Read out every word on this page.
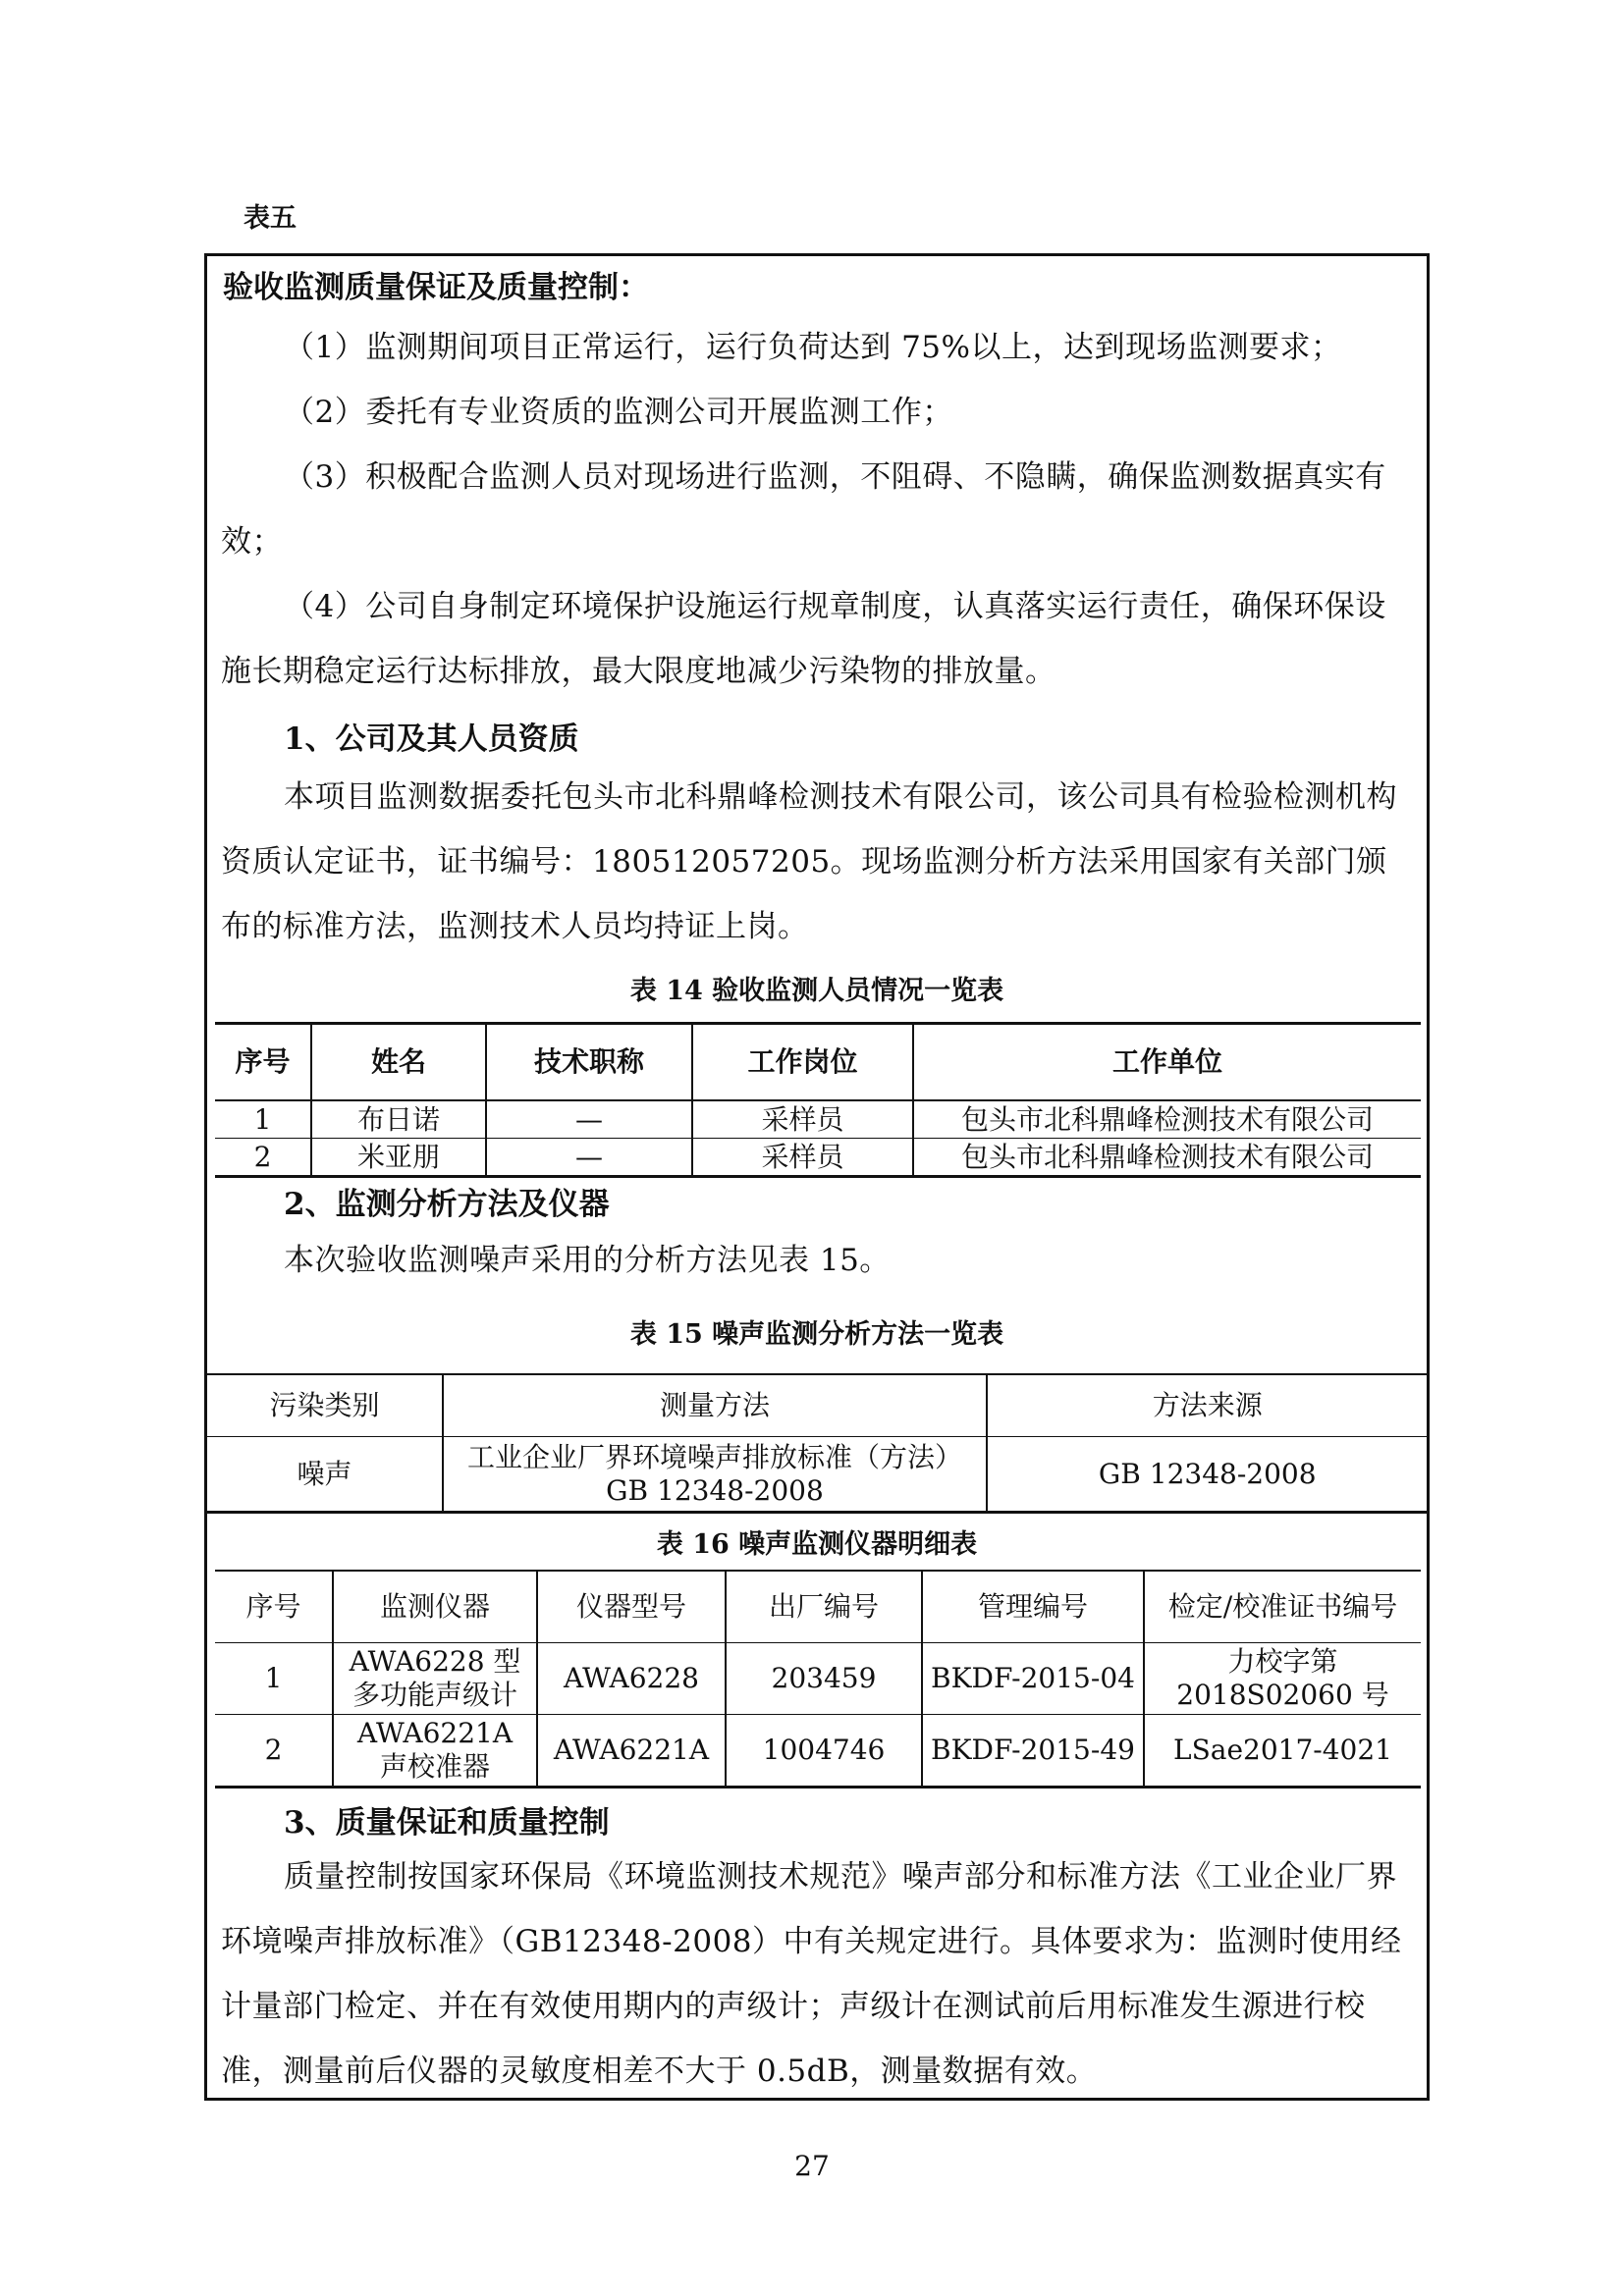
表五
验收监测质量保证及质量控制：
（1）监测期间项目正常运行，运行负荷达到 75%以上，达到现场监测要求；
（2）委托有专业资质的监测公司开展监测工作；
（3）积极配合监测人员对现场进行监测，不阻碍、不隐瞒，确保监测数据真实有效；
（4）公司自身制定环境保护设施运行规章制度，认真落实运行责任，确保环保设施长期稳定运行达标排放，最大限度地减少污染物的排放量。
1、公司及其人员资质
本项目监测数据委托包头市北科鼎峰检测技术有限公司，该公司具有检验检测机构资质认定证书，证书编号：180512057205。现场监测分析方法采用国家有关部门颁布的标准方法，监测技术人员均持证上岗。
表 14 验收监测人员情况一览表
序号	姓名	技术职称	工作岗位	工作单位
1	布日诺	—	采样员	包头市北科鼎峰检测技术有限公司
2	米亚朋	—	采样员	包头市北科鼎峰检测技术有限公司
2、监测分析方法及仪器
本次验收监测噪声采用的分析方法见表 15。
表 15 噪声监测分析方法一览表
污染类别	测量方法	方法来源
噪声	工业企业厂界环境噪声排放标准（方法）GB 12348-2008	GB 12348-2008
表 16 噪声监测仪器明细表
序号	监测仪器	仪器型号	出厂编号	管理编号	检定/校准证书编号
1	AWA6228 型多功能声级计	AWA6228	203459	BKDF-2015-04	力校字第 2018S02060 号
2	AWA6221A 声校准器	AWA6221A	1004746	BKDF-2015-49	LSae2017-4021
3、质量保证和质量控制
质量控制按国家环保局《环境监测技术规范》噪声部分和标准方法《工业企业厂界环境噪声排放标准》（GB12348-2008）中有关规定进行。具体要求为：监测时使用经计量部门检定、并在有效使用期内的声级计；声级计在测试前后用标准发生源进行校准，测量前后仪器的灵敏度相差不大于 0.5dB，测量数据有效。
27
